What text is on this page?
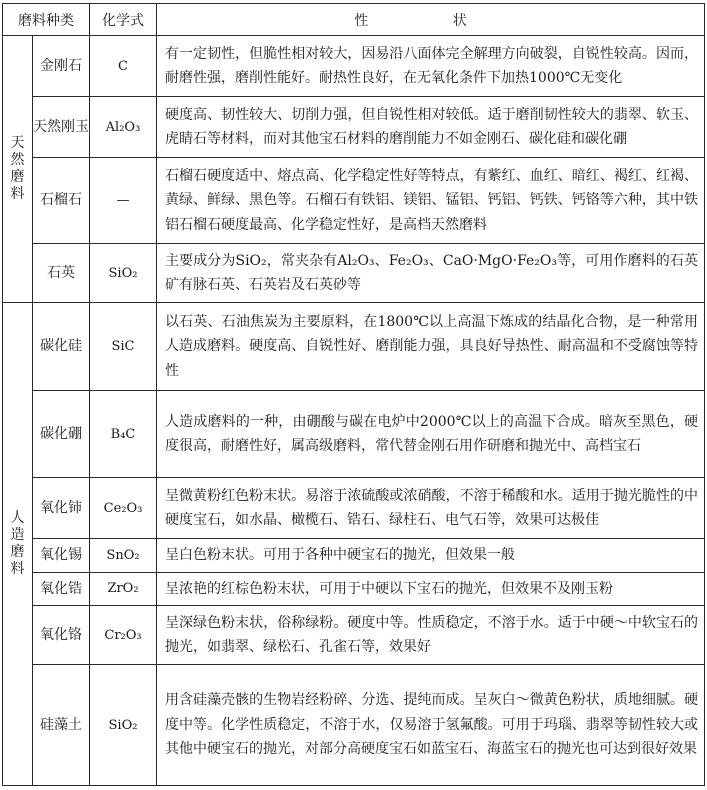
磨料种类		化学式	性 状
天然磨料	金刚石	C	有一定韧性，但脆性相对较大，因易沿八面体完全解理方向破裂，自锐性较高。因而，耐磨性强，磨削性能好。耐热性良好，在无氧化条件下加热1000℃无变化
	天然刚玉	Al₂O₃	硬度高、韧性较大、切削力强，但自锐性相对较低。适于磨削韧性较大的翡翠、软玉、虎睛石等材料，而对其他宝石材料的磨削能力不如金刚石、碳化硅和碳化硼
	石榴石	—	石榴石硬度适中、熔点高、化学稳定性好等特点，有紫红、血红、暗红、褐红、红褐、黄绿、鲜绿、黑色等。石榴石有铁铝、镁铝、锰铝、钙铝、钙铁、钙铬等六种，其中铁铝石榴石硬度最高、化学稳定性好，是高档天然磨料
	石英	SiO₂	主要成分为SiO₂，常夹杂有Al₂O₃、Fe₂O₃、CaO·MgO·Fe₂O₃等，可用作磨料的石英矿有脉石英、石英岩及石英砂等
人造磨料	碳化硅	SiC	以石英、石油焦炭为主要原料，在1800℃以上高温下炼成的结晶化合物，是一种常用人造成磨料。硬度高、自锐性好、磨削能力强，具良好导热性、耐高温和不受腐蚀等特性
	碳化硼	B₄C	人造成磨料的一种，由硼酸与碳在电炉中2000℃以上的高温下合成。暗灰至黑色，硬度很高，耐磨性好，属高级磨料，常代替金刚石用作研磨和抛光中、高档宝石
	氧化铈	Ce₂O₃	呈微黄粉红色粉末状。易溶于浓硫酸或浓硝酸，不溶于稀酸和水。适用于抛光脆性的中硬度宝石，如水晶、橄榄石、锆石、绿柱石、电气石等，效果可达极佳
	氧化锡	SnO₂	呈白色粉末状。可用于各种中硬宝石的抛光，但效果一般
	氧化锆	ZrO₂	呈浓艳的红棕色粉末状，可用于中硬以下宝石的抛光，但效果不及刚玉粉
	氧化铬	Cr₂O₃	呈深绿色粉末状，俗称绿粉。硬度中等。性质稳定，不溶于水。适于中硬～中软宝石的抛光，如翡翠、绿松石、孔雀石等，效果好
	硅藻土	SiO₂	用含硅藻壳骸的生物岩经粉碎、分选、提纯而成。呈灰白～微黄色粉状，质地细腻。硬度中等。化学性质稳定，不溶于水，仅易溶于氢氟酸。可用于玛瑙、翡翠等韧性较大或其他中硬宝石的抛光，对部分高硬度宝石如蓝宝石、海蓝宝石的抛光也可达到很好效果
